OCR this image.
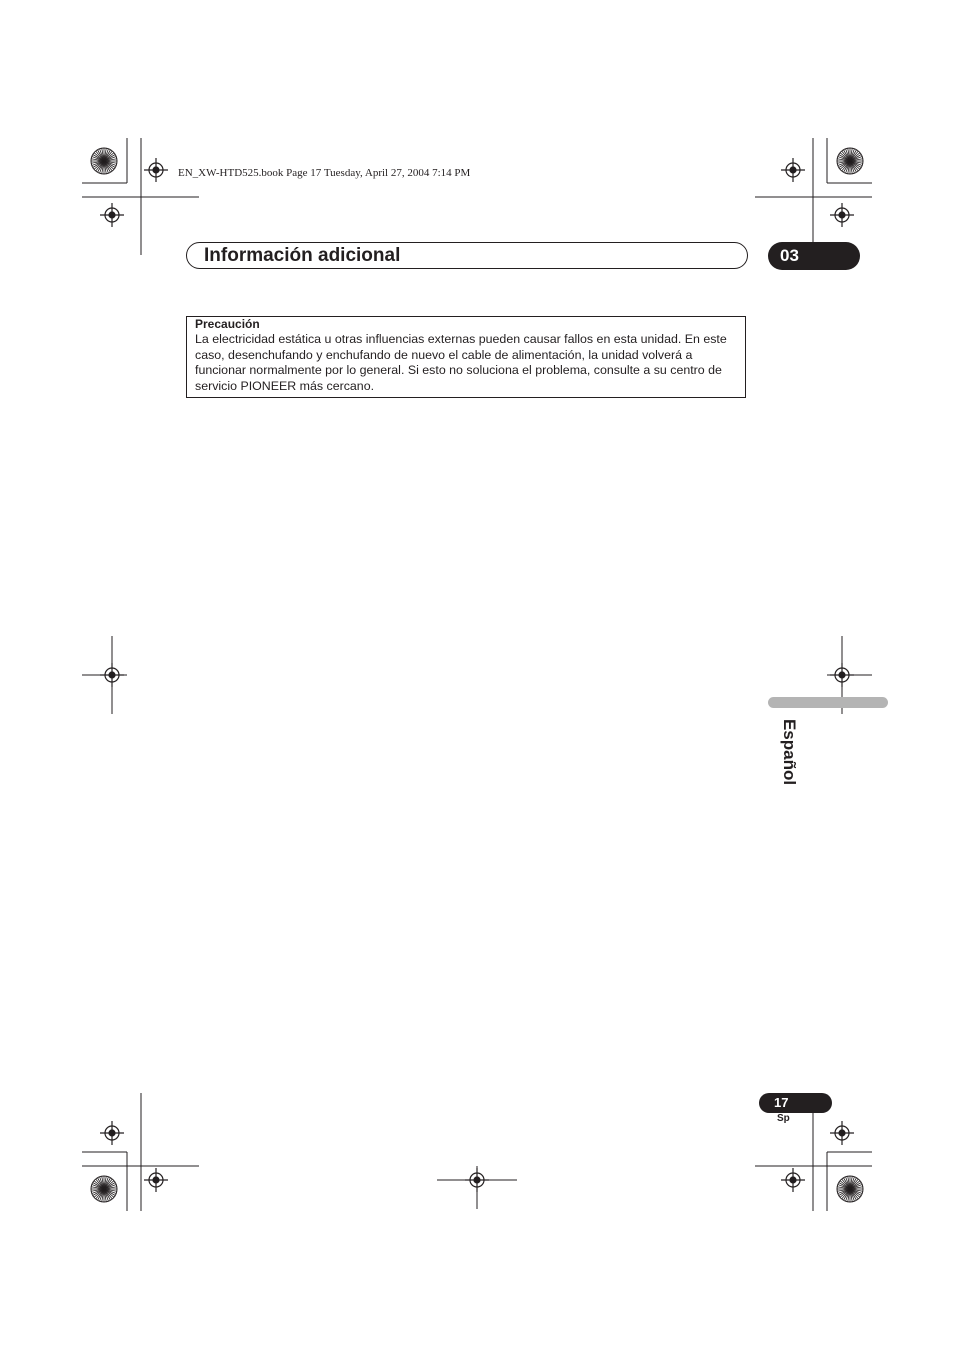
EN_XW-HTD525.book Page 17 Tuesday, April 27, 2004 7:14 PM
Información adicional	03
Precaución
La electricidad estática u otras influencias externas pueden causar fallos en esta unidad. En este caso, desenchufando y enchufando de nuevo el cable de alimentación, la unidad volverá a funcionar normalmente por lo general. Si esto no soluciona el problema, consulte a su centro de servicio PIONEER más cercano.
Español
17
Sp
